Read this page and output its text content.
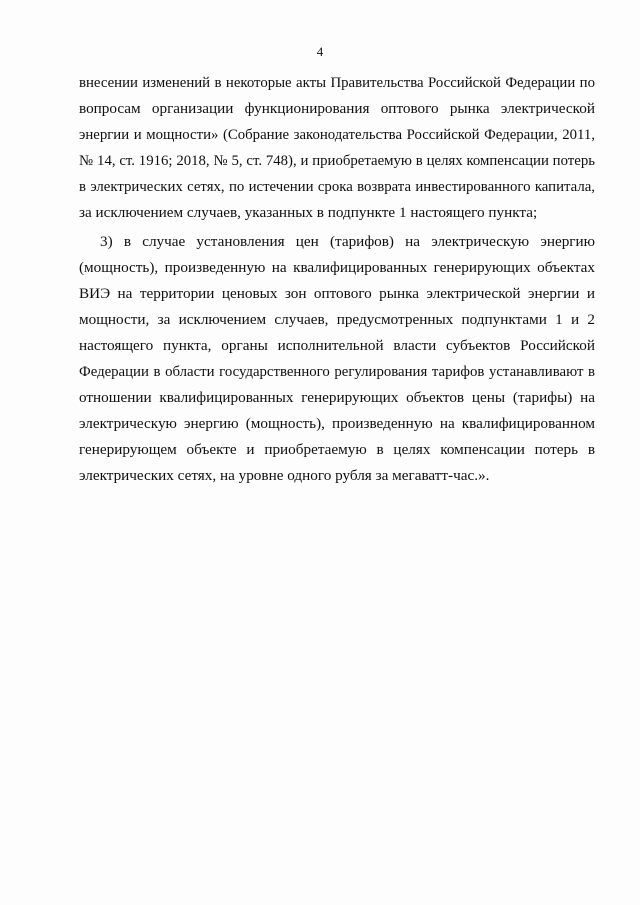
4
внесении изменений в некоторые акты Правительства Российской Федерации по
вопросам организации функционирования оптового рынка электрической
энергии и мощности» (Собрание законодательства Российской Федерации, 2011,
№ 14, ст. 1916; 2018, № 5, ст. 748), и приобретаемую в целях компенсации потерь
в электрических сетях, по истечении срока возврата инвестированного капитала,
за исключением случаев, указанных в подпункте 1 настоящего пункта;
3) в случае установления цен (тарифов) на электрическую энергию
(мощность), произведенную на квалифицированных генерирующих объектах
ВИЭ на территории ценовых зон оптового рынка электрической энергии и
мощности, за исключением случаев, предусмотренных подпунктами 1 и 2
настоящего пункта, органы исполнительной власти субъектов Российской
Федерации в области государственного регулирования тарифов устанавливают в
отношении квалифицированных генерирующих объектов цены (тарифы) на
электрическую энергию (мощность), произведенную на квалифицированном
генерирующем объекте и приобретаемую в целях компенсации потерь в
электрических сетях, на уровне одного рубля за мегаватт-час.».
